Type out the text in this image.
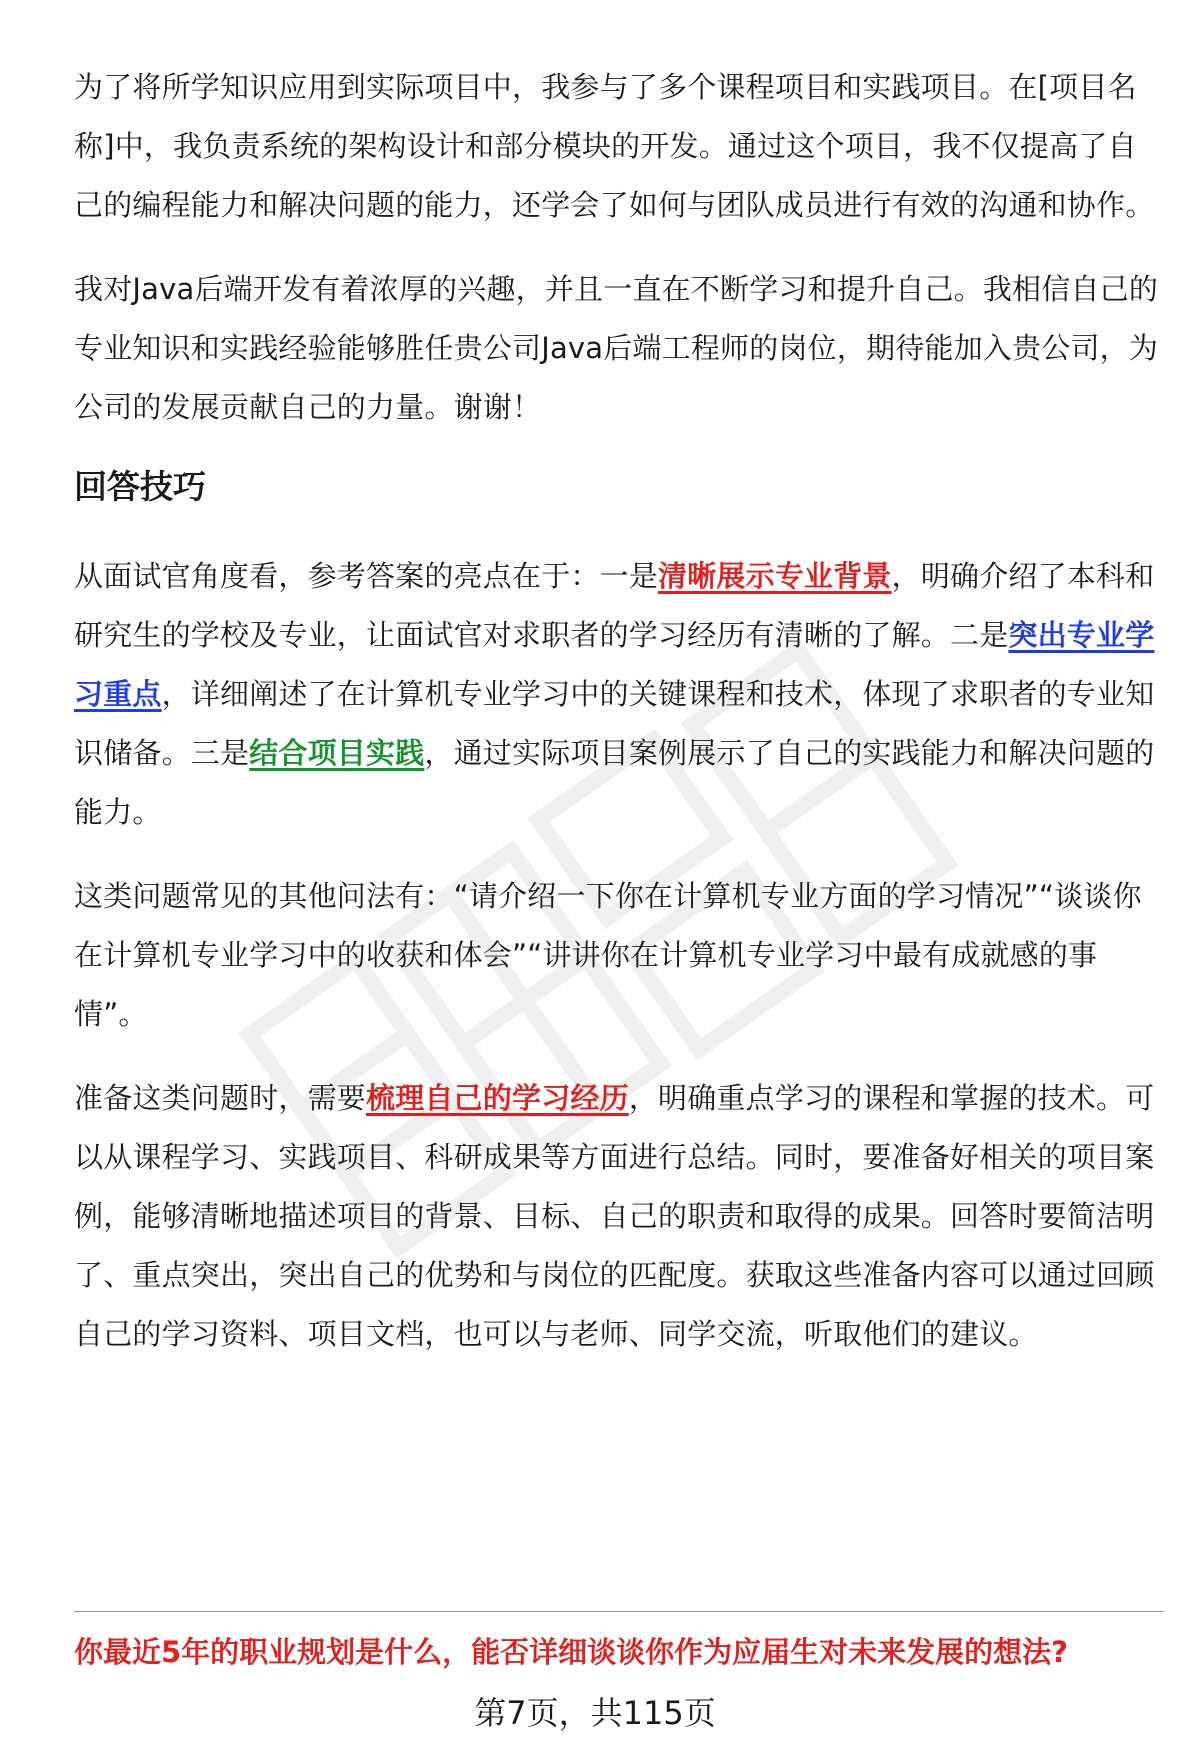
为了将所学知识应用到实际项目中，我参与了多个课程项目和实践项目。在[项目名称]中，我负责系统的架构设计和部分模块的开发。通过这个项目，我不仅提高了自己的编程能力和解决问题的能力，还学会了如何与团队成员进行有效的沟通和协作。

我对Java后端开发有着浓厚的兴趣，并且一直在不断学习和提升自己。我相信自己的专业知识和实践经验能够胜任贵公司Java后端工程师的岗位，期待能加入贵公司，为公司的发展贡献自己的力量。谢谢！

回答技巧

从面试官角度看，参考答案的亮点在于：一是清晰展示专业背景，明确介绍了本科和研究生的学校及专业，让面试官对求职者的学习经历有清晰的了解。二是突出专业学习重点，详细阐述了在计算机专业学习中的关键课程和技术，体现了求职者的专业知识储备。三是结合项目实践，通过实际项目案例展示了自己的实践能力和解决问题的能力。

这类问题常见的其他问法有：“请介绍一下你在计算机专业方面的学习情况”“谈谈你在计算机专业学习中的收获和体会”“讲讲你在计算机专业学习中最有成就感的事情”。

准备这类问题时，需要梳理自己的学习经历，明确重点学习的课程和掌握的技术。可以从课程学习、实践项目、科研成果等方面进行总结。同时，要准备好相关的项目案例，能够清晰地描述项目的背景、目标、自己的职责和取得的成果。回答时要简洁明了、重点突出，突出自己的优势和与岗位的匹配度。获取这些准备内容可以通过回顾自己的学习资料、项目文档，也可以与老师、同学交流，听取他们的建议。

你最近5年的职业规划是什么，能否详细谈谈你作为应届生对未来发展的想法?
第7页，共115页
